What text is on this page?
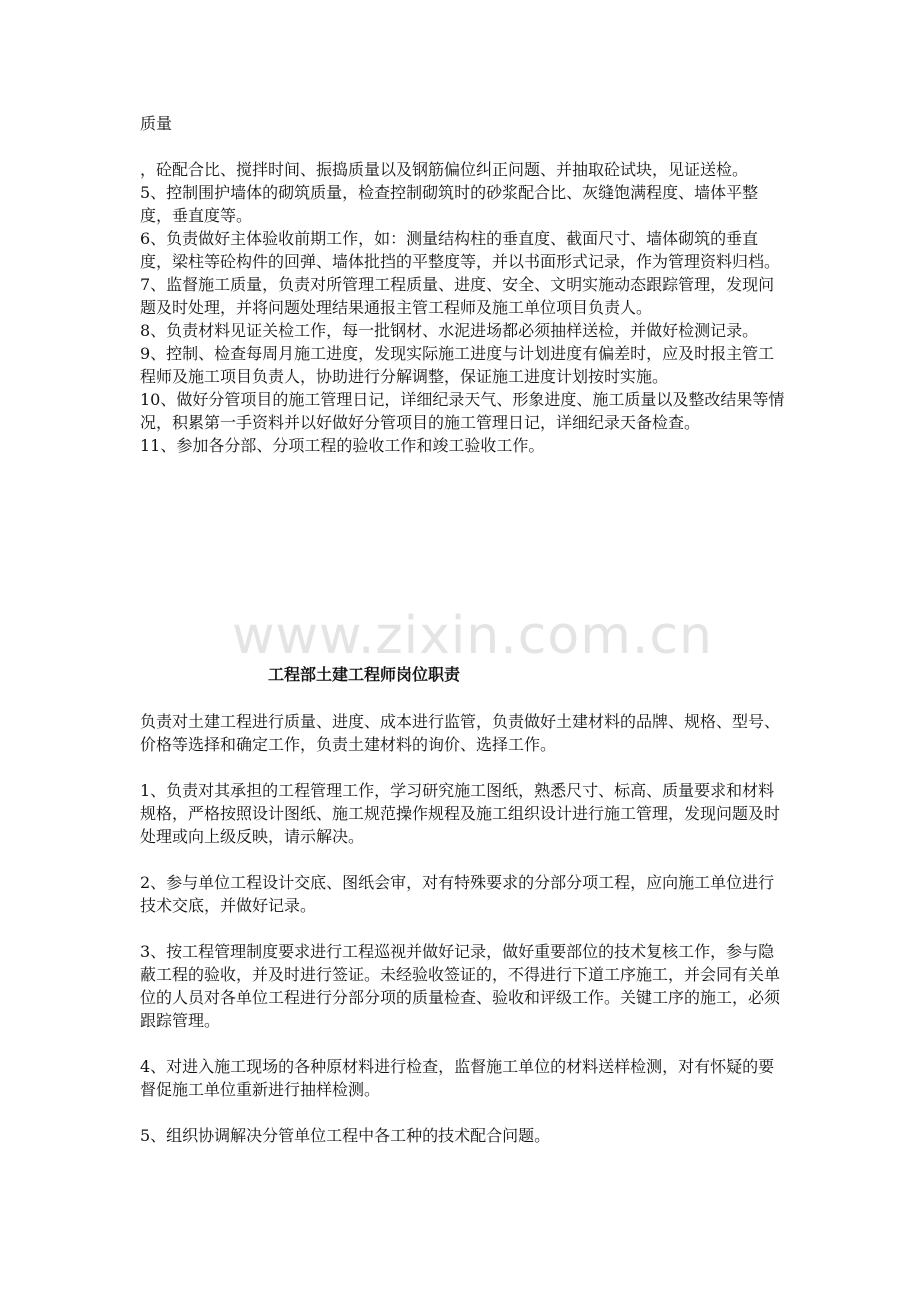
www.zixin.com.cn

质量

，砼配合比、搅拌时间、振捣质量以及钢筋偏位纠正问题、并抽取砼试块，见证送检。

5、控制围护墙体的砌筑质量，检查控制砌筑时的砂浆配合比、灰缝饱满程度、墙体平整度，垂直度等。

6、负责做好主体验收前期工作，如：测量结构柱的垂直度、截面尺寸、墙体砌筑的垂直度，梁柱等砼构件的回弹、墙体批挡的平整度等，并以书面形式记录，作为管理资料归档。

7、监督施工质量，负责对所管理工程质量、进度、安全、文明实施动态跟踪管理，发现问题及时处理，并将问题处理结果通报主管工程师及施工单位项目负责人。

8、负责材料见证关检工作，每一批钢材、水泥进场都必须抽样送检，并做好检测记录。

9、控制、检查每周月施工进度，发现实际施工进度与计划进度有偏差时，应及时报主管工程师及施工项目负责人，协助进行分解调整，保证施工进度计划按时实施。

10、做好分管项目的施工管理日记，详细纪录天气、形象进度、施工质量以及整改结果等情况，积累第一手资料并以好做好分管项目的施工管理日记，详细纪录天备检查。

11、参加各分部、分项工程的验收工作和竣工验收工作。

工程部土建工程师岗位职责

负责对土建工程进行质量、进度、成本进行监管，负责做好土建材料的品牌、规格、型号、价格等选择和确定工作，负责土建材料的询价、选择工作。

1、负责对其承担的工程管理工作，学习研究施工图纸，熟悉尺寸、标高、质量要求和材料规格，严格按照设计图纸、施工规范操作规程及施工组织设计进行施工管理，发现问题及时处理或向上级反映，请示解决。

2、参与单位工程设计交底、图纸会审，对有特殊要求的分部分项工程，应向施工单位进行技术交底，并做好记录。

3、按工程管理制度要求进行工程巡视并做好记录，做好重要部位的技术复核工作，参与隐蔽工程的验收，并及时进行签证。未经验收签证的，不得进行下道工序施工，并会同有关单位的人员对各单位工程进行分部分项的质量检查、验收和评级工作。关键工序的施工，必须跟踪管理。

4、对进入施工现场的各种原材料进行检查，监督施工单位的材料送样检测，对有怀疑的要督促施工单位重新进行抽样检测。

5、组织协调解决分管单位工程中各工种的技术配合问题。
